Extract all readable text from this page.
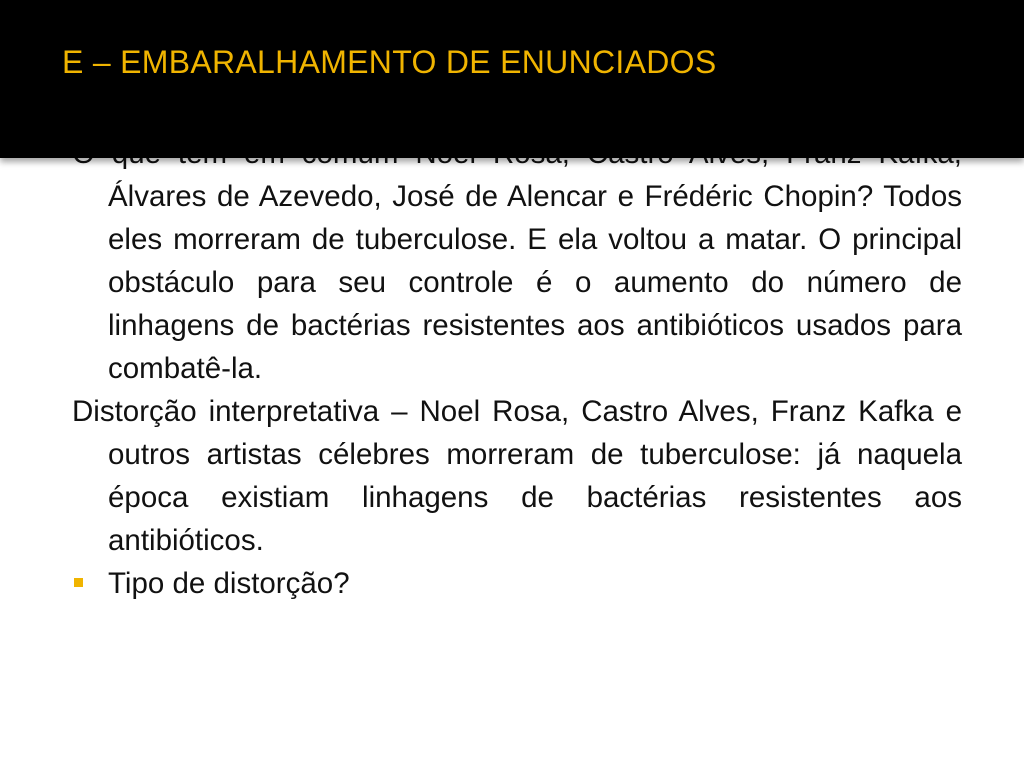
Álvares de Azevedo, José de Alencar e Frédéric Chopin? Todos eles morreram de tuberculose. E ela voltou a matar. O principal obstáculo para seu controle é o aumento do número de linhagens de bactérias resistentes aos antibióticos usados para combatê-la.

Distorção interpretativa – Noel Rosa, Castro Alves, Franz Kafka e outros artistas célebres morreram de tuberculose: já naquela época existiam linhagens de bactérias resistentes aos antibióticos.

Tipo de distorção?

E – EMBARALHAMENTO DE ENUNCIADOS
